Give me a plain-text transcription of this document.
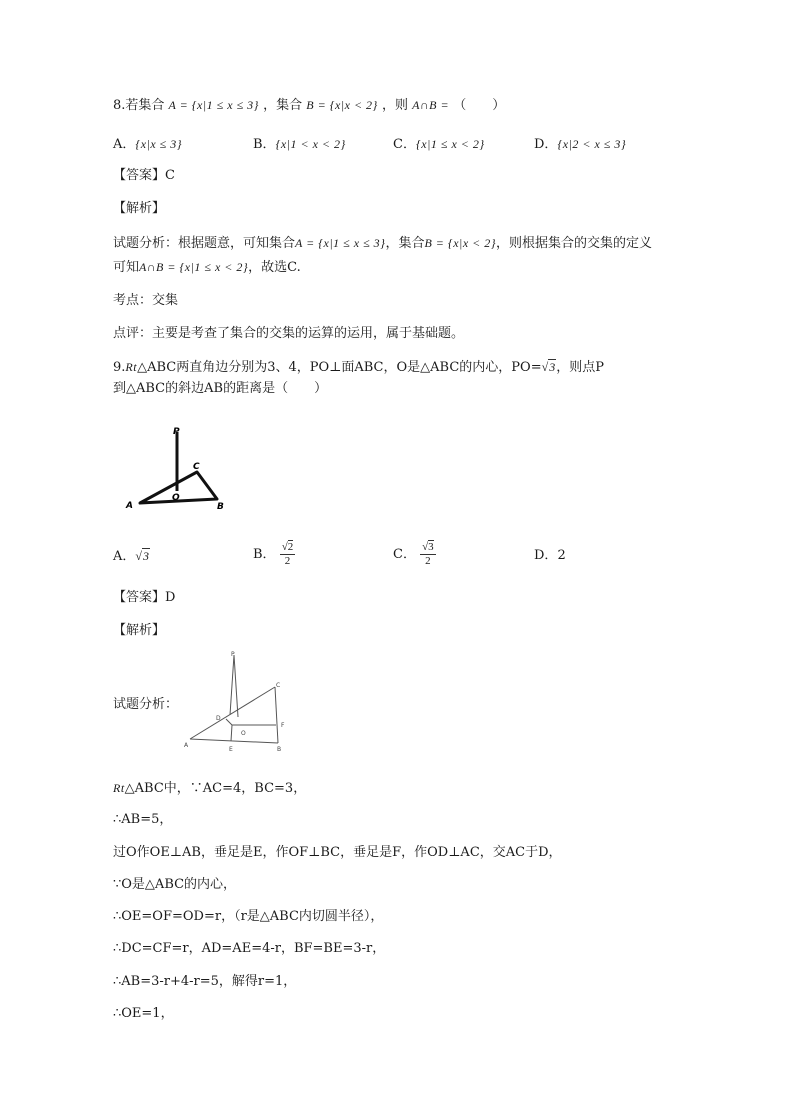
8.若集合 A = {x|1 ≤ x ≤ 3} ，集合 B = {x|x < 2} ，则 A∩B = （　　）
A．{x|x ≤ 3}	B．{x|1 < x < 2}	C．{x|1 ≤ x < 2}	D．{x|2 < x ≤ 3}
【答案】C
【解析】
试题分析：根据题意，可知集合A = {x|1 ≤ x ≤ 3}，集合B = {x|x < 2}，则根据集合的交集的定义
可知A∩B = {x|1 ≤ x < 2}，故选C.
考点：交集
点评：主要是考查了集合的交集的运算的运用，属于基础题。
9.Rt△ABC两直角边分别为3、4，PO⊥面ABC，O是△ABC的内心，PO=√3，则点P
到△ABC的斜边AB的距离是（　　）
P
C
O
A	B
A．√3	B． $\frac{√2}{2}$	C． $\frac{√3}{2}$	D．2
【答案】D
【解析】
试题分析：
P
C
D
F
O
A
E	B
Rt△ABC中，∵AC=4，BC=3，
∴AB=5，
过O作OE⊥AB，垂足是E，作OF⊥BC，垂足是F，作OD⊥AC，交AC于D，
∵O是△ABC的内心，
∴OE=OF=OD=r，（r是△ABC内切圆半径），
∴DC=CF=r，AD=AE=4-r，BF=BE=3-r，
∴AB=3-r+4-r=5，解得r=1，
∴OE=1，
